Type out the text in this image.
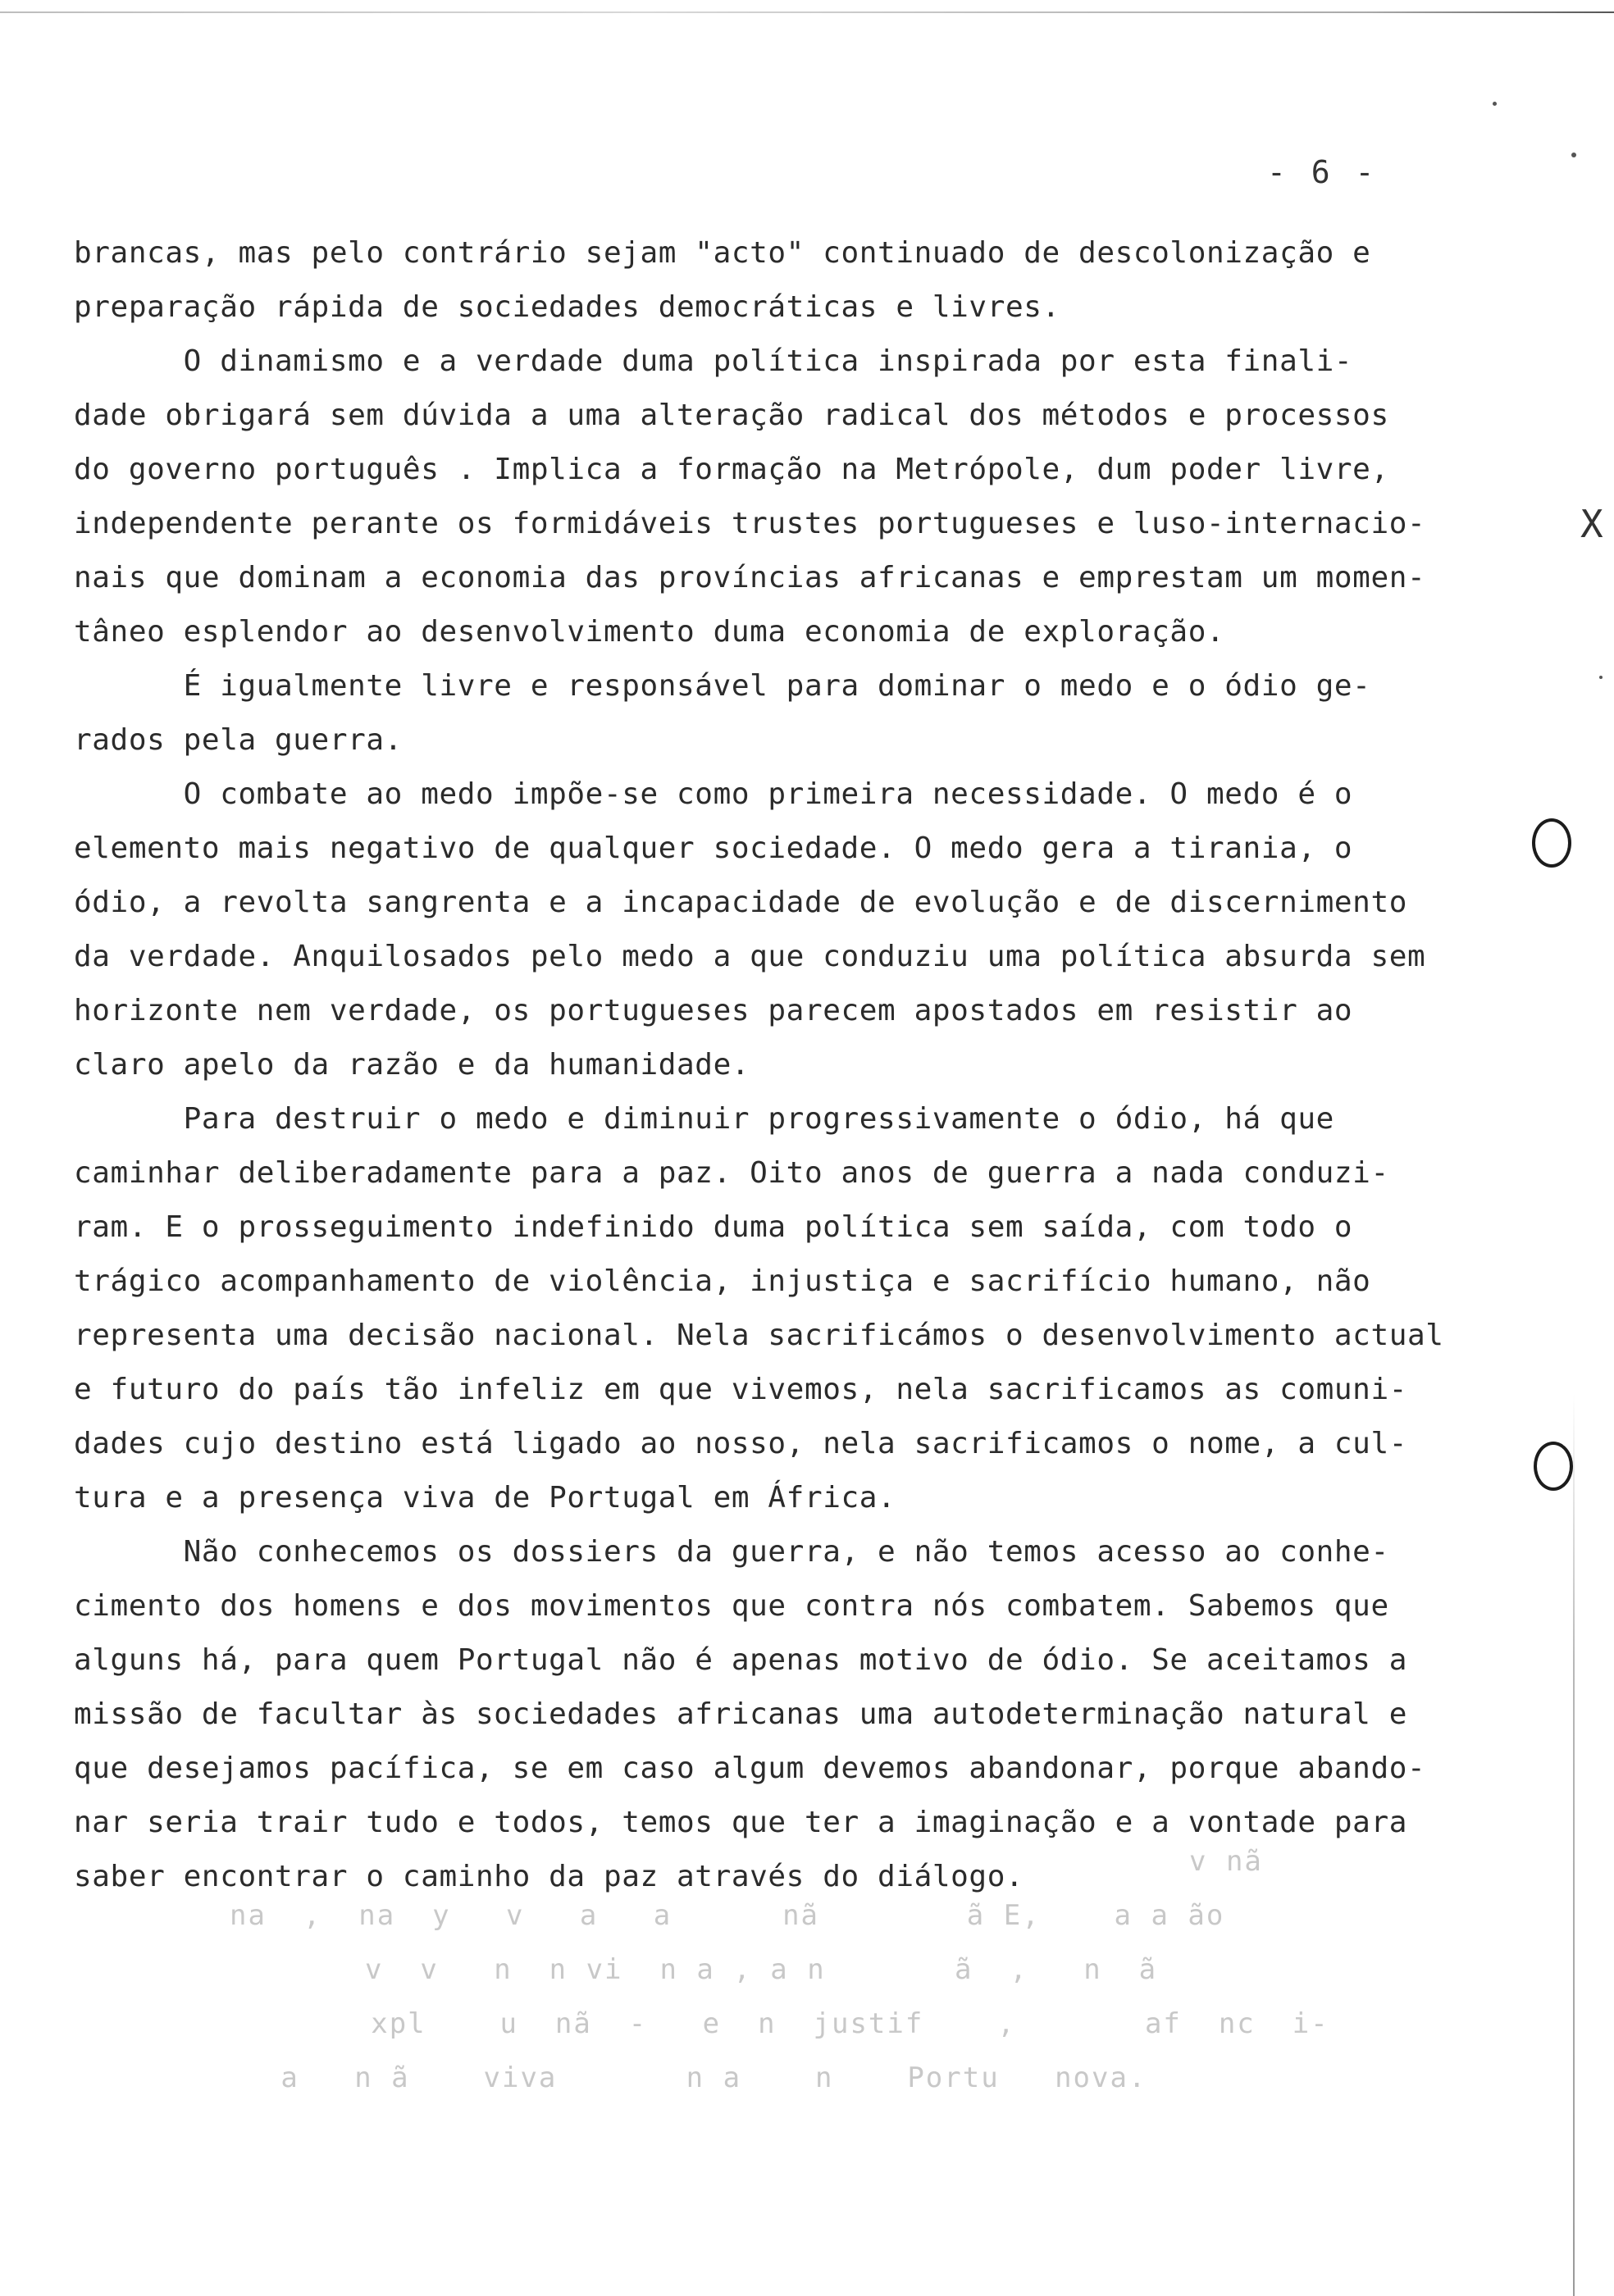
- 6 -
brancas, mas pelo contrário sejam "acto" continuado de descolonização e
preparação rápida de sociedades democráticas e livres.
O dinamismo e a verdade duma política inspirada por esta finali-
dade obrigará sem dúvida a uma alteração radical dos métodos e processos
do governo português . Implica a formação na Metrópole, dum poder livre,
independente perante os formidáveis trustes portugueses e luso-internacio-
nais que dominam a economia das províncias africanas e emprestam um momen-
tâneo esplendor ao desenvolvimento duma economia de exploração.
É igualmente livre e responsável para dominar o medo e o ódio ge-
rados pela guerra.
O combate ao medo impõe-se como primeira necessidade. O medo é o
elemento mais negativo de qualquer sociedade. O medo gera a tirania, o
ódio, a revolta sangrenta e a incapacidade de evolução e de discernimento
da verdade. Anquilosados pelo medo a que conduziu uma política absurda sem
horizonte nem verdade, os portugueses parecem apostados em resistir ao
claro apelo da razão e da humanidade.
Para destruir o medo e diminuir progressivamente o ódio, há que
caminhar deliberadamente para a paz. Oito anos de guerra a nada conduzi-
ram. E o prosseguimento indefinido duma política sem saída, com todo o
trágico acompanhamento de violência, injustiça e sacrifício humano, não
representa uma decisão nacional. Nela sacrificámos o desenvolvimento actual
e futuro do país tão infeliz em que vivemos, nela sacrificamos as comuni-
dades cujo destino está ligado ao nosso, nela sacrificamos o nome, a cul-
tura e a presença viva de Portugal em África.
Não conhecemos os dossiers da guerra, e não temos acesso ao conhe-
cimento dos homens e dos movimentos que contra nós combatem. Sabemos que
alguns há, para quem Portugal não é apenas motivo de ódio. Se aceitamos a
missão de facultar às sociedades africanas uma autodeterminação natural e
que desejamos pacífica, se em caso algum devemos abandonar, porque abando-
nar seria trair tudo e todos, temos que ter a imaginação e a vontade para
saber encontrar o caminho da paz através do diálogo.	v nã
na  ,  na  y   v   a   a      nã        ã E,    a a ão
v  v   n  n vi  n a , a n       ã  ,   n  ã
xpl    u  nã  -   e  n  justif    ,       af  nc  i-
a   n ã    viva       n a    n    Portu   nova.
X
